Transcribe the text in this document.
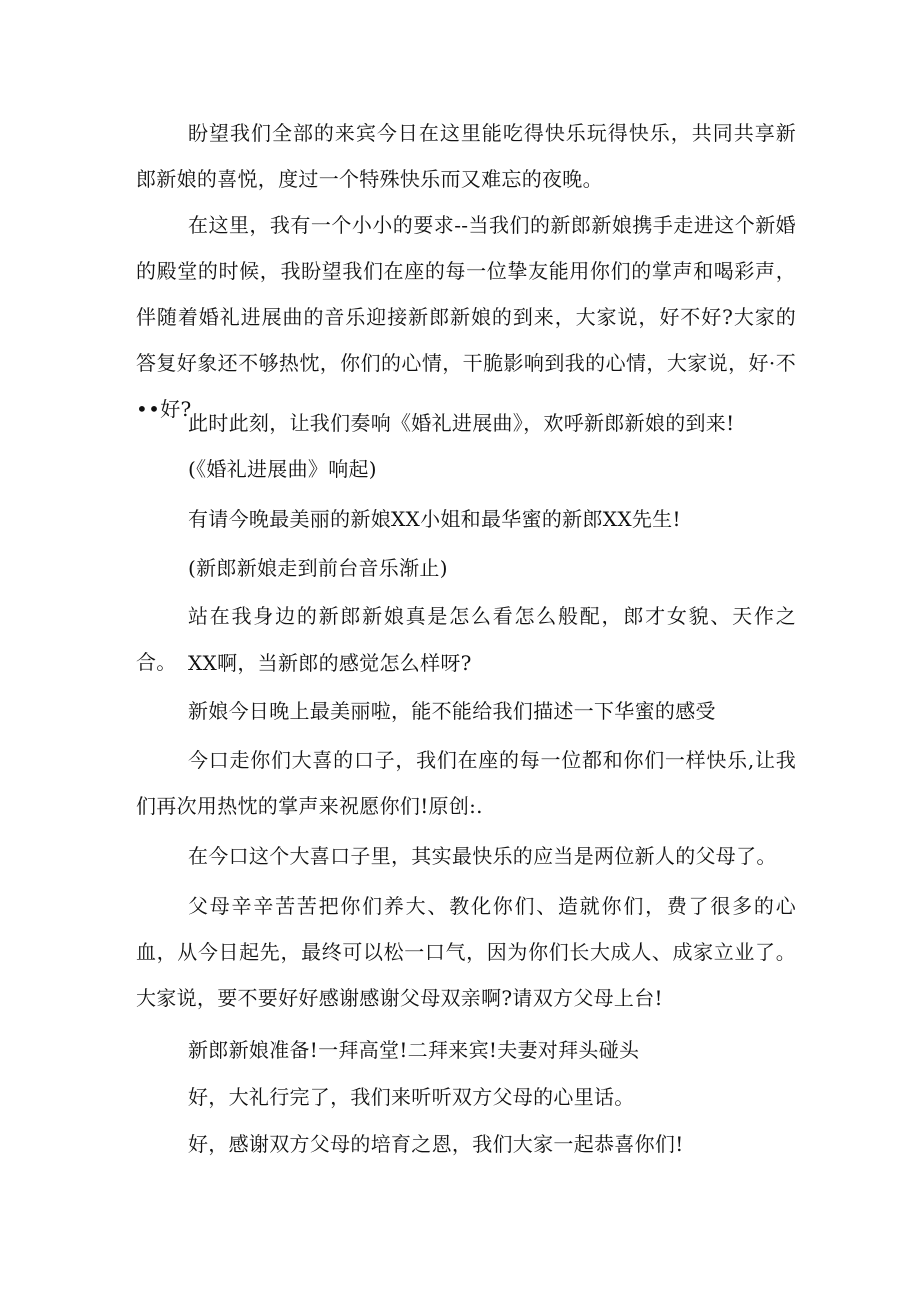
盼望我们全部的来宾今日在这里能吃得快乐玩得快乐，共同共享新郎新娘的喜悦，度过一个特殊快乐而又难忘的夜晚。

在这里，我有一个小小的要求--当我们的新郎新娘携手走进这个新婚的殿堂的时候，我盼望我们在座的每一位挚友能用你们的掌声和喝彩声，伴随着婚礼进展曲的音乐迎接新郎新娘的到来，大家说，好不好?大家的答复好象还不够热忱，你们的心情，干脆影响到我的心情，大家说，好·不••好?

此时此刻，让我们奏响《婚礼进展曲》，欢呼新郎新娘的到来!

(《婚礼进展曲》响起)

有请今晚最美丽的新娘XX小姐和最华蜜的新郎XX先生!

(新郎新娘走到前台音乐渐止)

站在我身边的新郎新娘真是怎么看怎么般配，郎才女貌、天作之合。 XX啊，当新郎的感觉怎么样呀?

新娘今日晚上最美丽啦，能不能给我们描述一下华蜜的感受

今口走你们大喜的口子，我们在座的每一位都和你们一样快乐,让我们再次用热忱的掌声来祝愿你们!原创:.

在今口这个大喜口子里，其实最快乐的应当是两位新人的父母了。

父母辛辛苦苦把你们养大、教化你们、造就你们，费了很多的心血，从今日起先，最终可以松一口气，因为你们长大成人、成家立业了。大家说，要不要好好感谢感谢父母双亲啊?请双方父母上台!

新郎新娘准备!一拜高堂!二拜来宾!夫妻对拜头碰头

好，大礼行完了，我们来听听双方父母的心里话。

好，感谢双方父母的培育之恩，我们大家一起恭喜你们!
